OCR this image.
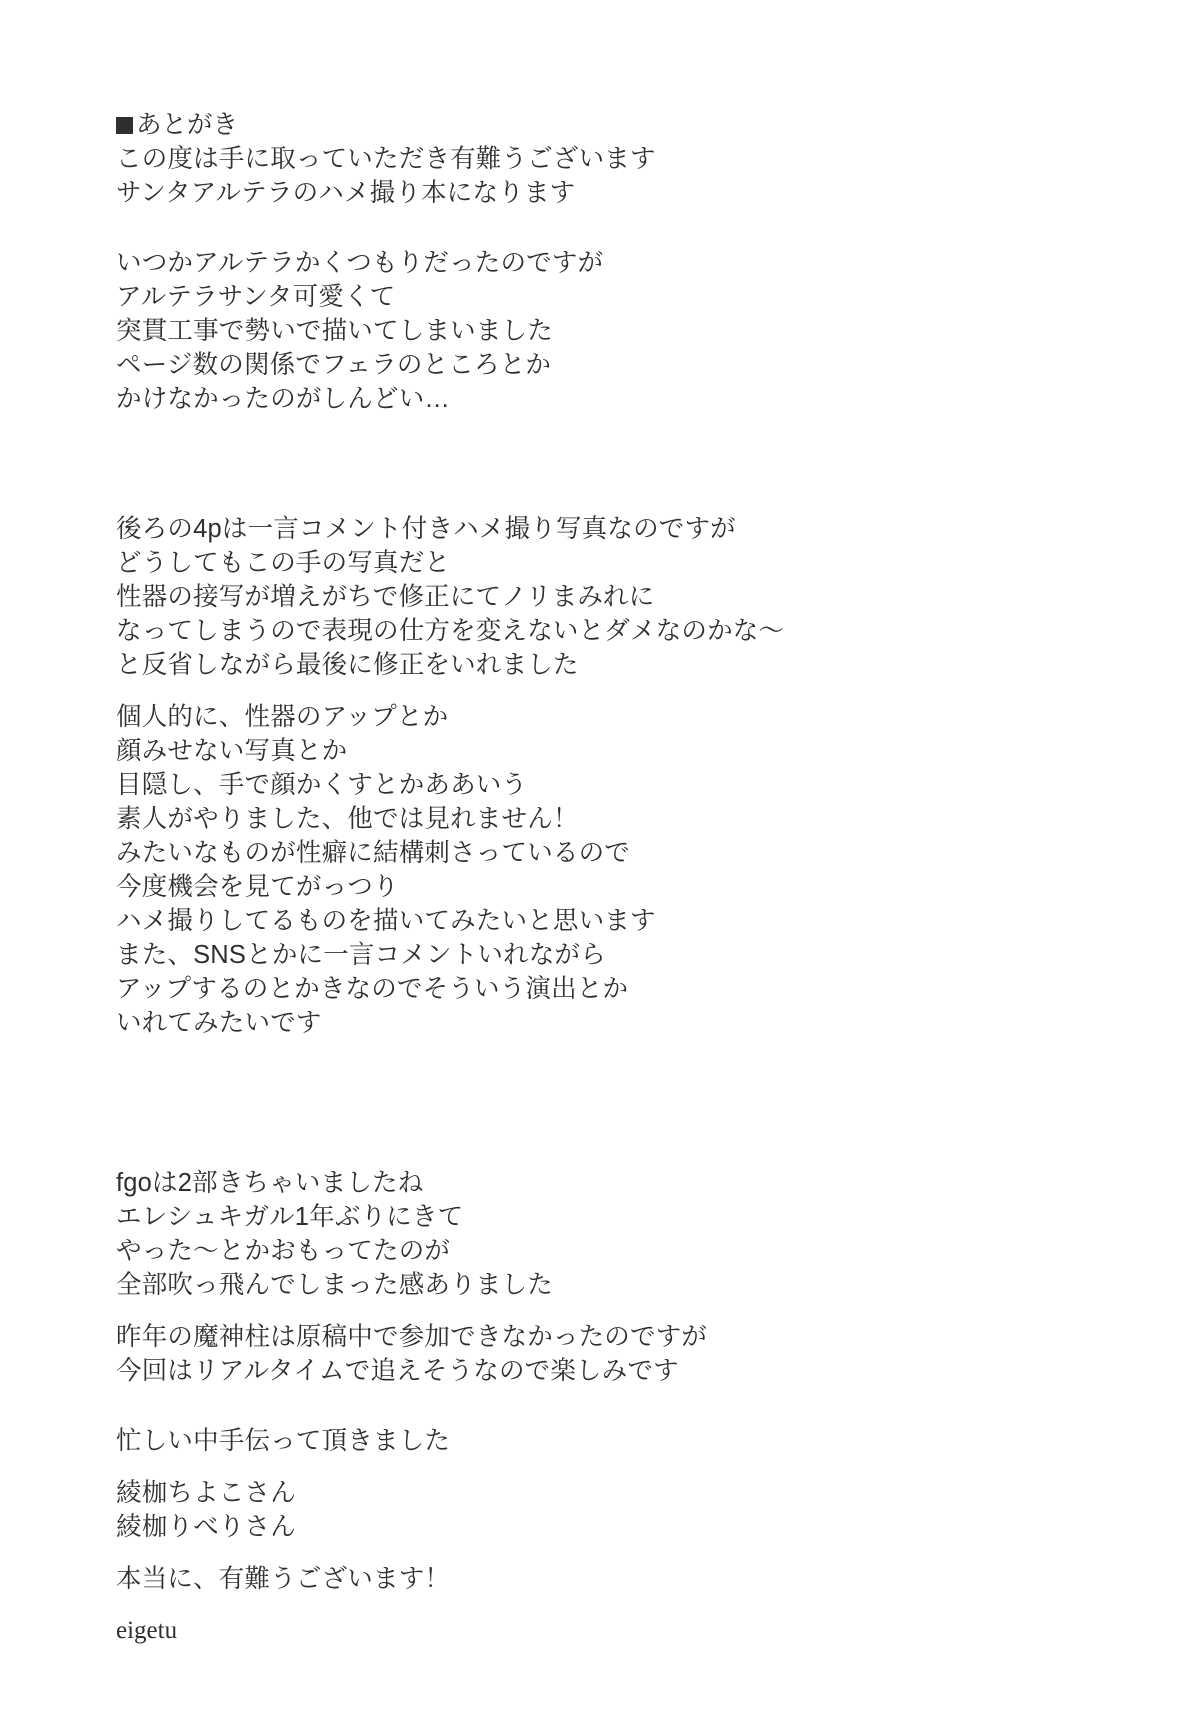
あとがき
この度は手に取っていただき有難うございます
サンタアルテラのハメ撮り本になります
いつかアルテラかくつもりだったのですが
アルテラサンタ可愛くて
突貫工事で勢いで描いてしまいました
ページ数の関係でフェラのところとか
かけなかったのがしんどい…
後ろの4pは一言コメント付きハメ撮り写真なのですが
どうしてもこの手の写真だと
性器の接写が増えがちで修正にてノリまみれに
なってしまうので表現の仕方を変えないとダメなのかな〜
と反省しながら最後に修正をいれました
個人的に、性器のアップとか
顔みせない写真とか
目隠し、手で顔かくすとかああいう
素人がやりました、他では見れません！
みたいなものが性癖に結構刺さっているので
今度機会を見てがっつり
ハメ撮りしてるものを描いてみたいと思います
また、SNSとかに一言コメントいれながら
アップするのとかきなのでそういう演出とか
いれてみたいです
fgoは2部きちゃいましたね
エレシュキガル1年ぶりにきて
やった〜とかおもってたのが
全部吹っ飛んでしまった感ありました
昨年の魔神柱は原稿中で参加できなかったのですが
今回はリアルタイムで追えそうなので楽しみです
忙しい中手伝って頂きました
綾枷ちよこさん
綾枷りべりさん
本当に、有難うございます！
eigetu
